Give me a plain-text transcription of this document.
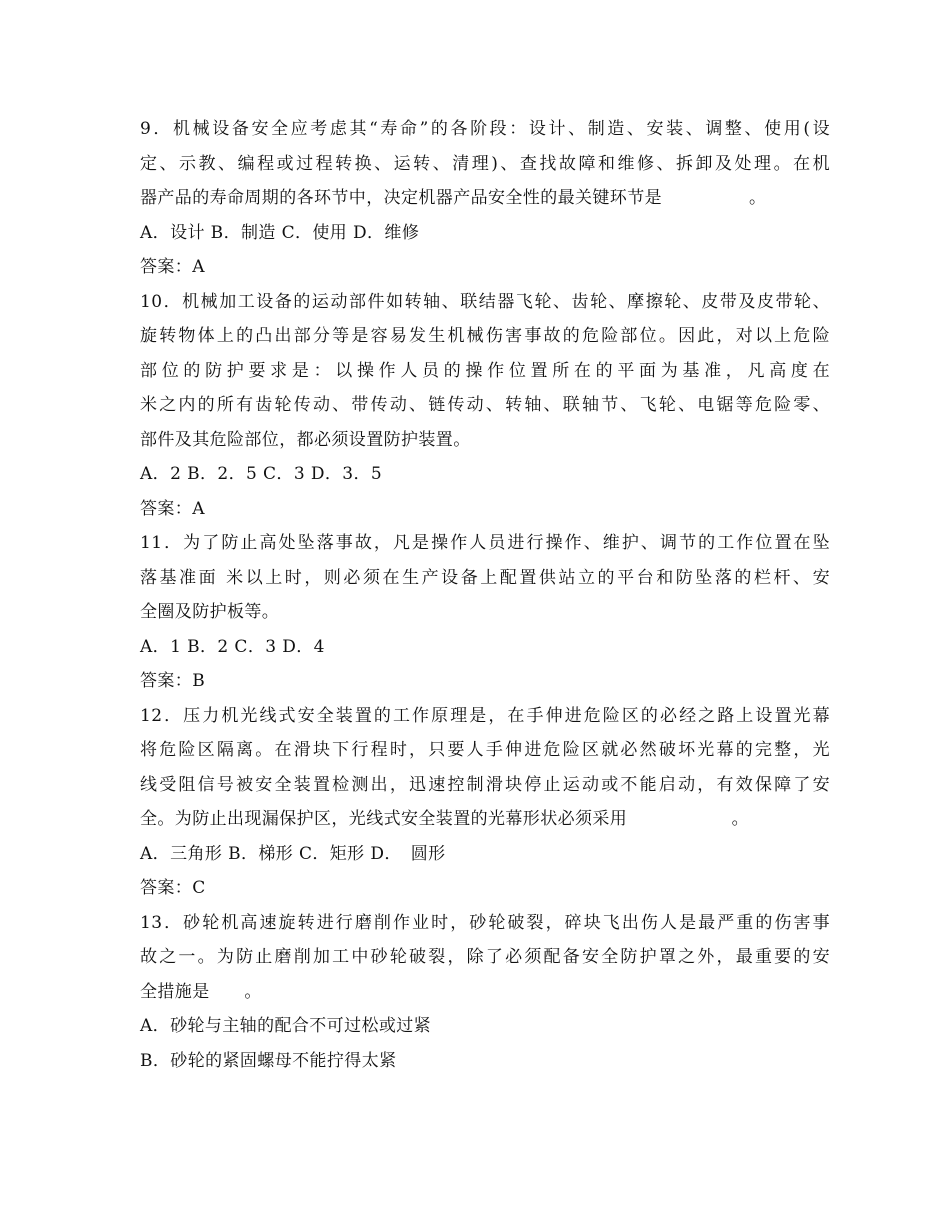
9．机械设备安全应考虑其“寿命”的各阶段：设计、制造、安装、调整、使用(设
定、示教、编程或过程转换、运转、清理)、查找故障和维修、拆卸及处理。在机
器产品的寿命周期的各环节中，决定机器产品安全性的最关键环节是　　　　　。
A．设计 B．制造 C．使用 D．维修
答案：A
10．机械加工设备的运动部件如转轴、联结器飞轮、齿轮、摩擦轮、皮带及皮带轮、
旋转物体上的凸出部分等是容易发生机械伤害事故的危险部位。因此，对以上危险
部位的防护要求是：以操作人员的操作位置所在的平面为基准，凡高度在
米之内的所有齿轮传动、带传动、链传动、转轴、联轴节、飞轮、电锯等危险零、
部件及其危险部位，都必须设置防护装置。
A．2 B．2．5 C．3 D．3．5
答案：A
11．为了防止高处坠落事故，凡是操作人员进行操作、维护、调节的工作位置在坠
落基准面 米以上时，则必须在生产设备上配置供站立的平台和防坠落的栏杆、安
全圈及防护板等。
A．1 B．2 C．3 D．4
答案：B
12．压力机光线式安全装置的工作原理是，在手伸进危险区的必经之路上设置光幕
将危险区隔离。在滑块下行程时，只要人手伸进危险区就必然破坏光幕的完整，光
线受阻信号被安全装置检测出，迅速控制滑块停止运动或不能启动，有效保障了安
全。为防止出现漏保护区，光线式安全装置的光幕形状必须采用　　　　　　。
A．三角形 B．梯形 C．矩形 D．　圆形
答案：C
13．砂轮机高速旋转进行磨削作业时，砂轮破裂，碎块飞出伤人是最严重的伤害事
故之一。为防止磨削加工中砂轮破裂，除了必须配备安全防护罩之外，最重要的安
全措施是　　。
A．砂轮与主轴的配合不可过松或过紧
B．砂轮的紧固螺母不能拧得太紧
